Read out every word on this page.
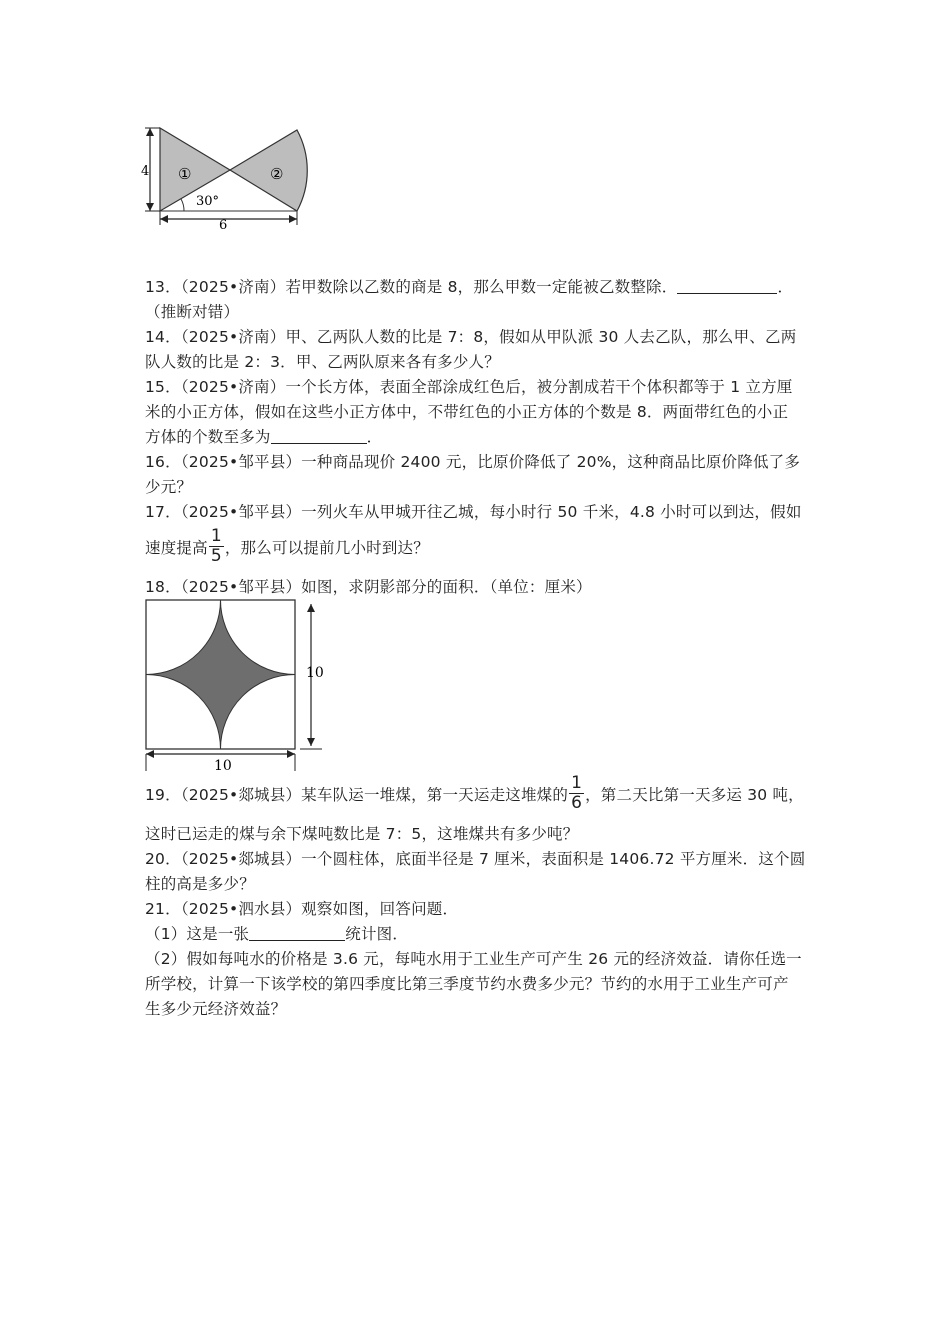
4
6
30°
①	②
13．（2025•济南）若甲数除以乙数的商是 8，那么甲数一定能被乙数整除．	．
（推断对错）
14．（2025•济南）甲、乙两队人数的比是 7：8，假如从甲队派 30 人去乙队，那么甲、乙两
队人数的比是 2：3．甲、乙两队原来各有多少人？
15．（2025•济南）一个长方体，表面全部涂成红色后，被分割成若干个体积都等于 1 立方厘
米的小正方体，假如在这些小正方体中，不带红色的小正方体的个数是 8．两面带红色的小正
方体的个数至多为	．
16．（2025•邹平县）一种商品现价 2400 元，比原价降低了 20%，这种商品比原价降低了多
少元？
17．（2025•邹平县）一列火车从甲城开往乙城，每小时行 50 千米，4.8 小时可以到达，假如
速度提高 $\frac{1}{5}$ ，那么可以提前几小时到达？
18．（2025•邹平县）如图，求阴影部分的面积．（单位：厘米）
10
10
19．（2025•郯城县）某车队运一堆煤，第一天运走这堆煤的 $\frac{1}{6}$ ，第二天比第一天多运 30 吨，
这时已运走的煤与余下煤吨数比是 7：5，这堆煤共有多少吨？
20．（2025•郯城县）一个圆柱体，底面半径是 7 厘米，表面积是 1406.72 平方厘米．这个圆
柱的高是多少？
21．（2025•泗水县）观察如图，回答问题．
（1）这是一张	统计图．
（2）假如每吨水的价格是 3.6 元，每吨水用于工业生产可产生 26 元的经济效益．请你任选一
所学校，计算一下该学校的第四季度比第三季度节约水费多少元？节约的水用于工业生产可产
生多少元经济效益？
